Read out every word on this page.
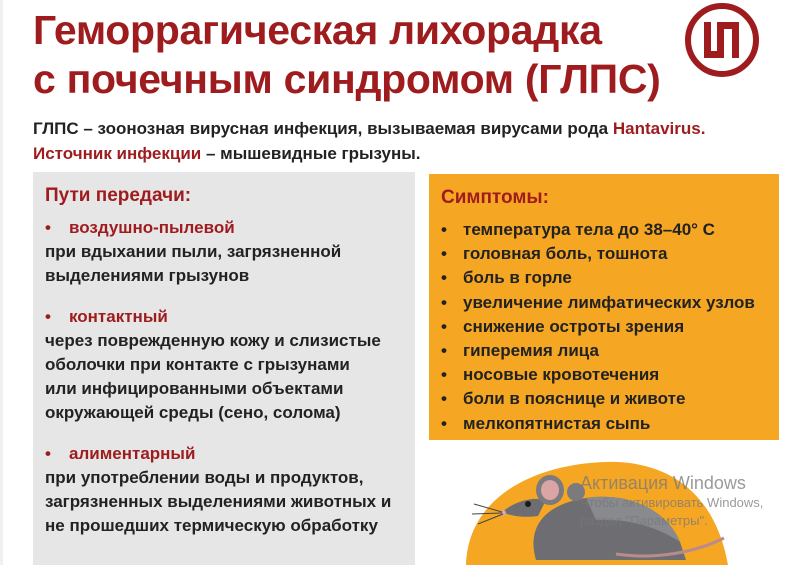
Геморрагическая лихорадка
с почечным синдромом (ГЛПС)

ГЛПС – зоонозная вирусная инфекция, вызываемая вирусами рода Hantavirus.

Источник инфекции – мышевидные грызуны.

Пути передачи:
• воздушно-пылевой
при вдыхании пыли, загрязненной
выделениями грызунов
• контактный
через поврежденную кожу и слизистые
оболочки при контакте с грызунами
или инфицированными объектами
окружающей среды (сено, солома)
• алиментарный
при употреблении воды и продуктов,
загрязненных выделениями животных и
не прошедших термическую обработку
Симптомы:
• температура тела до 38–40° С
• головная боль, тошнота
• боль в горле
• увеличение лимфатических узлов
• снижение остроты зрения
• гиперемия лица
• носовые кровотечения
• боли в пояснице и животе
• мелкопятнистая сыпь
Активация Windows
Чтобы активировать Windows,
раздел "Параметры".
